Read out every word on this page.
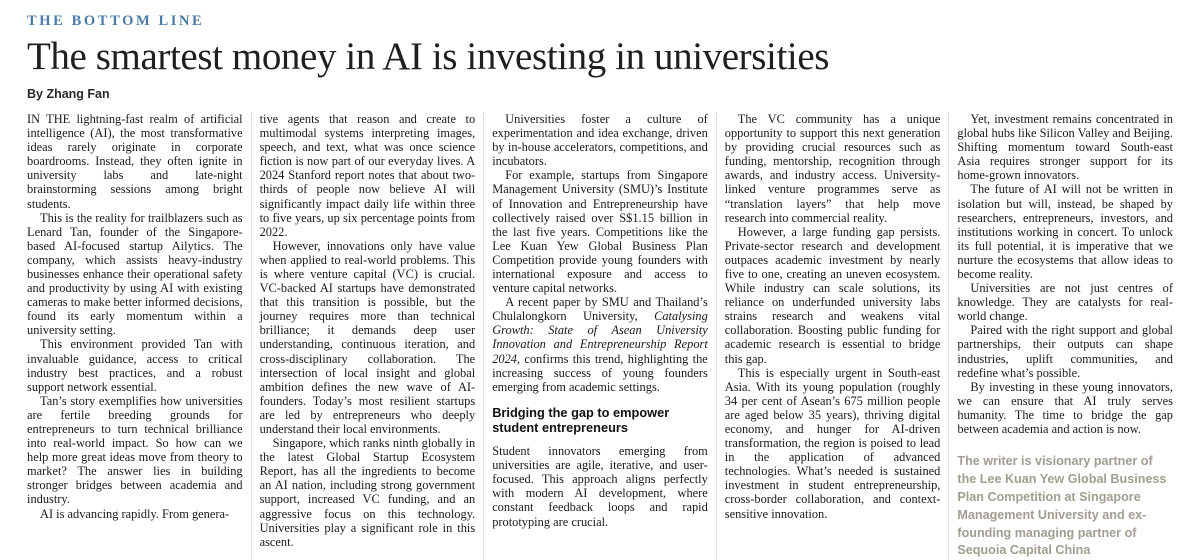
THE BOTTOM LINE
The smartest money in AI is investing in universities
By Zhang Fan

IN THE lightning-fast realm of artificial intelligence (AI), the most transformative ideas rarely originate in corporate boardrooms. Instead, they often ignite in university labs and late-night brainstorming sessions among bright students.

This is the reality for trailblazers such as Lenard Tan, founder of the Singapore-based AI-focused startup Ailytics. The company, which assists heavy-industry businesses enhance their operational safety and productivity by using AI with existing cameras to make better informed decisions, found its early momentum within a university setting.

This environment provided Tan with invaluable guidance, access to critical industry best practices, and a robust support network essential.

Tan’s story exemplifies how universities are fertile breeding grounds for entrepreneurs to turn technical brilliance into real-world impact. So how can we help more great ideas move from theory to market? The answer lies in building stronger bridges between academia and industry.

AI is advancing rapidly. From genera-

tive agents that reason and create to multimodal systems interpreting images, speech, and text, what was once science fiction is now part of our everyday lives. A 2024 Stanford report notes that about two-thirds of people now believe AI will significantly impact daily life within three to five years, up six percentage points from 2022.

However, innovations only have value when applied to real-world problems. This is where venture capital (VC) is crucial. VC-backed AI startups have demonstrated that this transition is possible, but the journey requires more than technical brilliance; it demands deep user understanding, continuous iteration, and cross-disciplinary collaboration. The intersection of local insight and global ambition defines the new wave of AI-founders. Today’s most resilient startups are led by entrepreneurs who deeply understand their local environments.

Singapore, which ranks ninth globally in the latest Global Startup Ecosystem Report, has all the ingredients to become an AI nation, including strong government support, increased VC funding, and an aggressive focus on this technology. Universities play a significant role in this ascent.

Universities foster a culture of experimentation and idea exchange, driven by in-house accelerators, competitions, and incubators.

For example, startups from Singapore Management University (SMU)’s Institute of Innovation and Entrepreneurship have collectively raised over S$1.15 billion in the last five years. Competitions like the Lee Kuan Yew Global Business Plan Competition provide young founders with international exposure and access to venture capital networks.

A recent paper by SMU and Thailand’s Chulalongkorn University, Catalysing Growth: State of Asean University Innovation and Entrepreneurship Report 2024, confirms this trend, highlighting the increasing success of young founders emerging from academic settings.

Bridging the gap to empower student entrepreneurs

Student innovators emerging from universities are agile, iterative, and user-focused. This approach aligns perfectly with modern AI development, where constant feedback loops and rapid prototyping are crucial.

The VC community has a unique opportunity to support this next generation by providing crucial resources such as funding, mentorship, recognition through awards, and industry access. University-linked venture programmes serve as “translation layers” that help move research into commercial reality.

However, a large funding gap persists. Private-sector research and development outpaces academic investment by nearly five to one, creating an uneven ecosystem. While industry can scale solutions, its reliance on underfunded university labs strains research and weakens vital collaboration. Boosting public funding for academic research is essential to bridge this gap.

This is especially urgent in South-east Asia. With its young population (roughly 34 per cent of Asean’s 675 million people are aged below 35 years), thriving digital economy, and hunger for AI-driven transformation, the region is poised to lead in the application of advanced technologies. What’s needed is sustained investment in student entrepreneurship, cross-border collaboration, and context-sensitive innovation.

Yet, investment remains concentrated in global hubs like Silicon Valley and Beijing. Shifting momentum toward South-east Asia requires stronger support for its home-grown innovators.

The future of AI will not be written in isolation but will, instead, be shaped by researchers, entrepreneurs, investors, and institutions working in concert. To unlock its full potential, it is imperative that we nurture the ecosystems that allow ideas to become reality.

Universities are not just centres of knowledge. They are catalysts for real-world change.

Paired with the right support and global partnerships, their outputs can shape industries, uplift communities, and redefine what’s possible.

By investing in these young innovators, we can ensure that AI truly serves humanity. The time to bridge the gap between academia and action is now.

The writer is visionary partner of the Lee Kuan Yew Global Business Plan Competition at Singapore Management University and ex-founding managing partner of Sequoia Capital China
